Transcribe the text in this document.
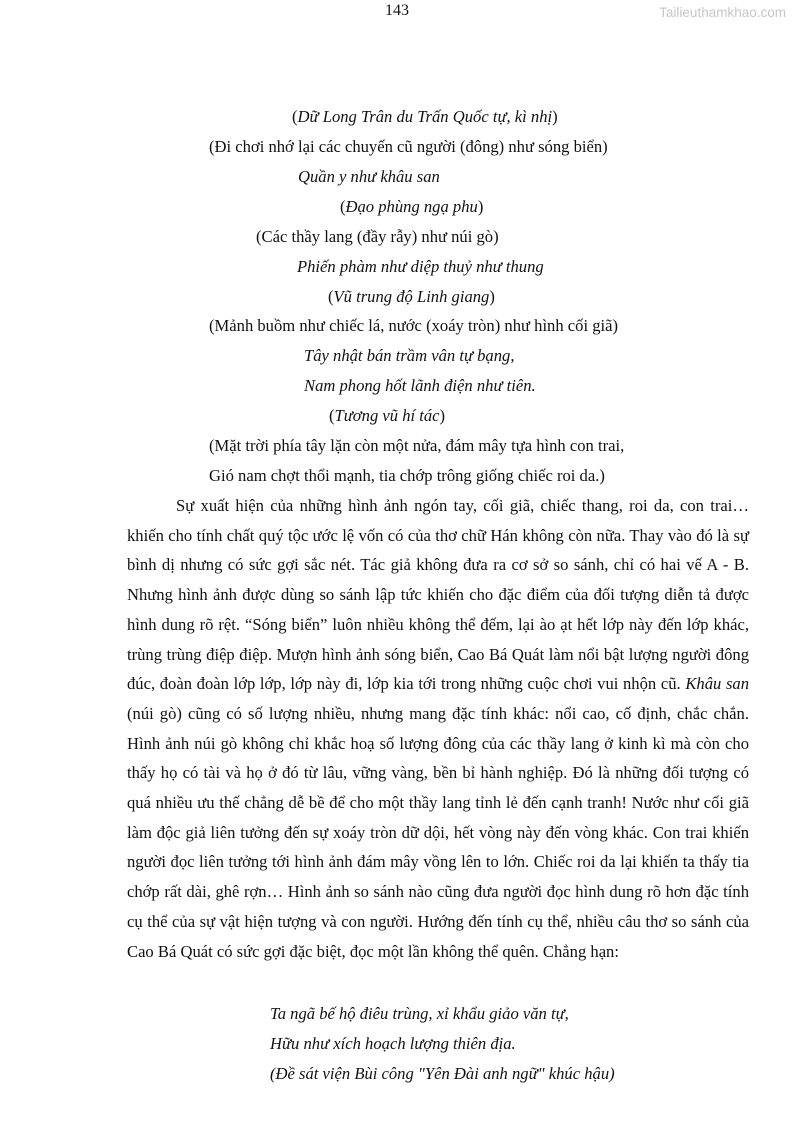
143	Tailieuthamkhao.com
(Dữ Long Trân du Trấn Quốc tự, kì nhị)
(Đi chơi nhớ lại các chuyến cũ người (đông) như sóng biển)
Quần y như khâu san
(Đạo phùng ngạ phu)
(Các thầy lang (đầy rẫy) như núi gò)
Phiến phàm như diệp thuỷ như thung
(Vũ trung độ Linh giang)
(Mảnh buồm như chiếc lá, nước (xoáy tròn) như hình cối giã)
Tây nhật bán trầm vân tự bạng,
Nam phong hốt lãnh điện như tiên.
(Tương vũ hí tác)
(Mặt trời phía tây lặn còn một nửa, đám mây tựa hình con trai,
Gió nam chợt thổi mạnh, tia chớp trông giống chiếc roi da.)
Sự xuất hiện của những hình ảnh ngón tay, cối giã, chiếc thang, roi da, con trai… khiến cho tính chất quý tộc ước lệ vốn có của thơ chữ Hán không còn nữa. Thay vào đó là sự bình dị nhưng có sức gợi sắc nét. Tác giả không đưa ra cơ sở so sánh, chỉ có hai vế A - B. Nhưng hình ảnh được dùng so sánh lập tức khiến cho đặc điểm của đối tượng diễn tả được hình dung rõ rệt. “Sóng biển” luôn nhiều không thể đếm, lại ào ạt hết lớp này đến lớp khác, trùng trùng điệp điệp. Mượn hình ảnh sóng biển, Cao Bá Quát làm nổi bật lượng người đông đúc, đoàn đoàn lớp lớp, lớp này đi, lớp kia tới trong những cuộc chơi vui nhộn cũ. Khâu san (núi gò) cũng có số lượng nhiều, nhưng mang đặc tính khác: nổi cao, cố định, chắc chắn. Hình ảnh núi gò không chỉ khắc hoạ số lượng đông của các thầy lang ở kinh kì mà còn cho thấy họ có tài và họ ở đó từ lâu, vững vàng, bền bỉ hành nghiệp. Đó là những đối tượng có quá nhiều ưu thế chẳng dễ bề để cho một thầy lang tỉnh lẻ đến cạnh tranh! Nước như cối giã làm độc giả liên tưởng đến sự xoáy tròn dữ dội, hết vòng này đến vòng khác. Con trai khiến người đọc liên tưởng tới hình ảnh đám mây vồng lên to lớn. Chiếc roi da lại khiến ta thấy tia chớp rất dài, ghê rợn… Hình ảnh so sánh nào cũng đưa người đọc hình dung rõ hơn đặc tính cụ thể của sự vật hiện tượng và con người. Hướng đến tính cụ thể, nhiều câu thơ so sánh của Cao Bá Quát có sức gợi đặc biệt, đọc một lần không thể quên. Chẳng hạn:
Ta ngã bế hộ điêu trùng, xỉ khẩu giảo văn tự,
Hữu như xích hoạch lượng thiên địa.
(Đề sát viện Bùi công "Yên Đài anh ngữ" khúc hậu)
